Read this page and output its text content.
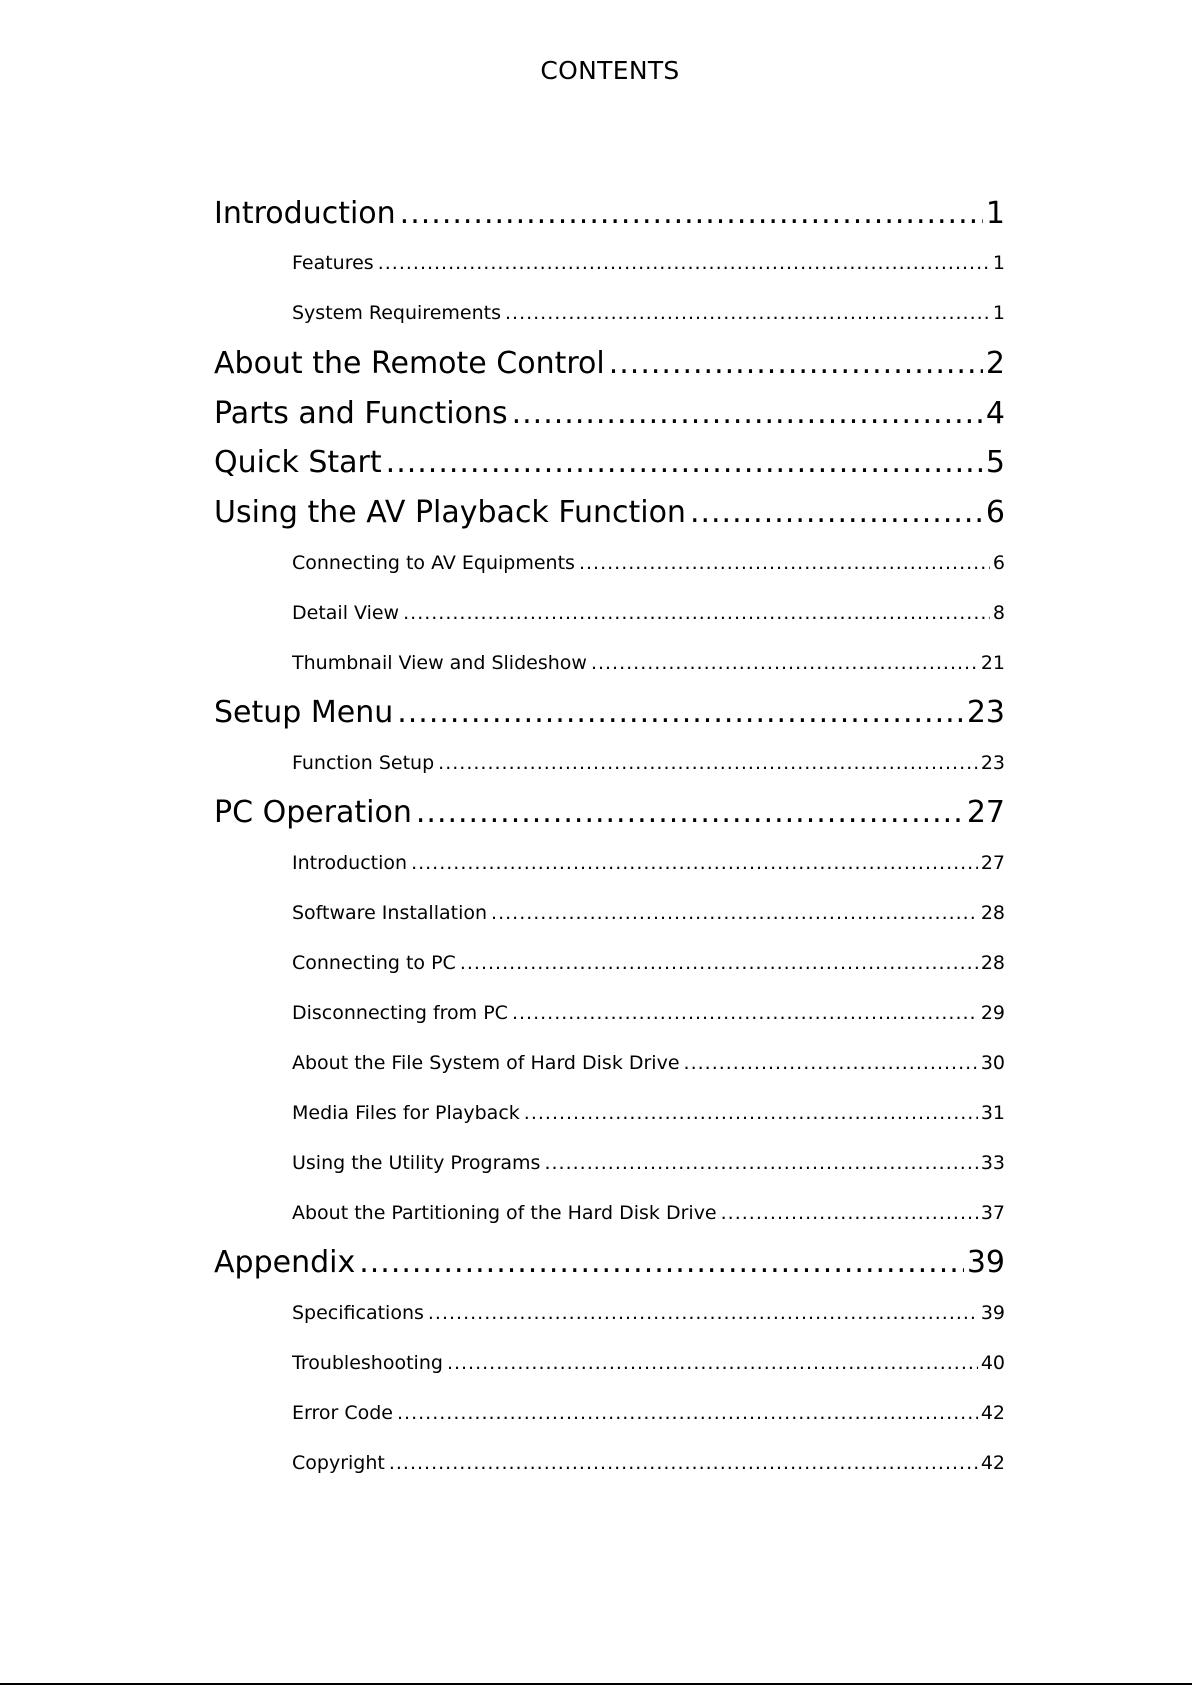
CONTENTS
Introduction .....	1
Features .....	1
System Requirements .....	1
About the Remote Control .....	2
Parts and Functions .....	4
Quick Start .....	5
Using the AV Playback Function .....	6
Connecting to AV Equipments .....	6
Detail View .....	8
Thumbnail View and Slideshow .....	21
Setup Menu .....	23
Function Setup .....	23
PC Operation .....	27
Introduction .....	27
Software Installation .....	28
Connecting to PC .....	28
Disconnecting from PC .....	29
About the File System of Hard Disk Drive .....	30
Media Files for Playback .....	31
Using the Utility Programs .....	33
About the Partitioning of the Hard Disk Drive .....	37
Appendix .....	39
Specifications .....	39
Troubleshooting .....	40
Error Code .....	42
Copyright .....	42
